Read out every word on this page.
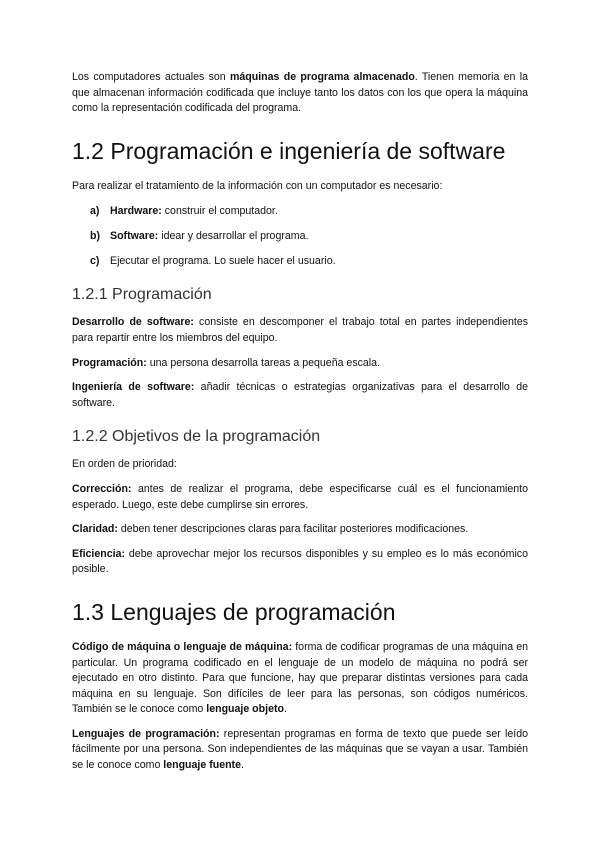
Los computadores actuales son máquinas de programa almacenado. Tienen memoria en la que almacenan información codificada que incluye tanto los datos con los que opera la máquina como la representación codificada del programa.

1.2 Programación e ingeniería de software

Para realizar el tratamiento de la información con un computador es necesario:

a) Hardware: construir el computador.
b) Software: idear y desarrollar el programa.
c) Ejecutar el programa. Lo suele hacer el usuario.
1.2.1 Programación

Desarrollo de software: consiste en descomponer el trabajo total en partes independientes para repartir entre los miembros del equipo.

Programación: una persona desarrolla tareas a pequeña escala.

Ingeniería de software: añadir técnicas o estrategias organizativas para el desarrollo de software.

1.2.2 Objetivos de la programación

En orden de prioridad:

Corrección: antes de realizar el programa, debe especificarse cuál es el funcionamiento esperado. Luego, este debe cumplirse sin errores.

Claridad: deben tener descripciones claras para facilitar posteriores modificaciones.

Eficiencia: debe aprovechar mejor los recursos disponibles y su empleo es lo más económico posible.

1.3 Lenguajes de programación

Código de máquina o lenguaje de máquina: forma de codificar programas de una máquina en particular. Un programa codificado en el lenguaje de un modelo de máquina no podrá ser ejecutado en otro distinto. Para que funcione, hay que preparar distintas versiones para cada máquina en su lenguaje. Son difíciles de leer para las personas, son códigos numéricos. También se le conoce como lenguaje objeto.

Lenguajes de programación: representan programas en forma de texto que puede ser leído fácilmente por una persona. Son independientes de las máquinas que se vayan a usar. También se le conoce como lenguaje fuente.
